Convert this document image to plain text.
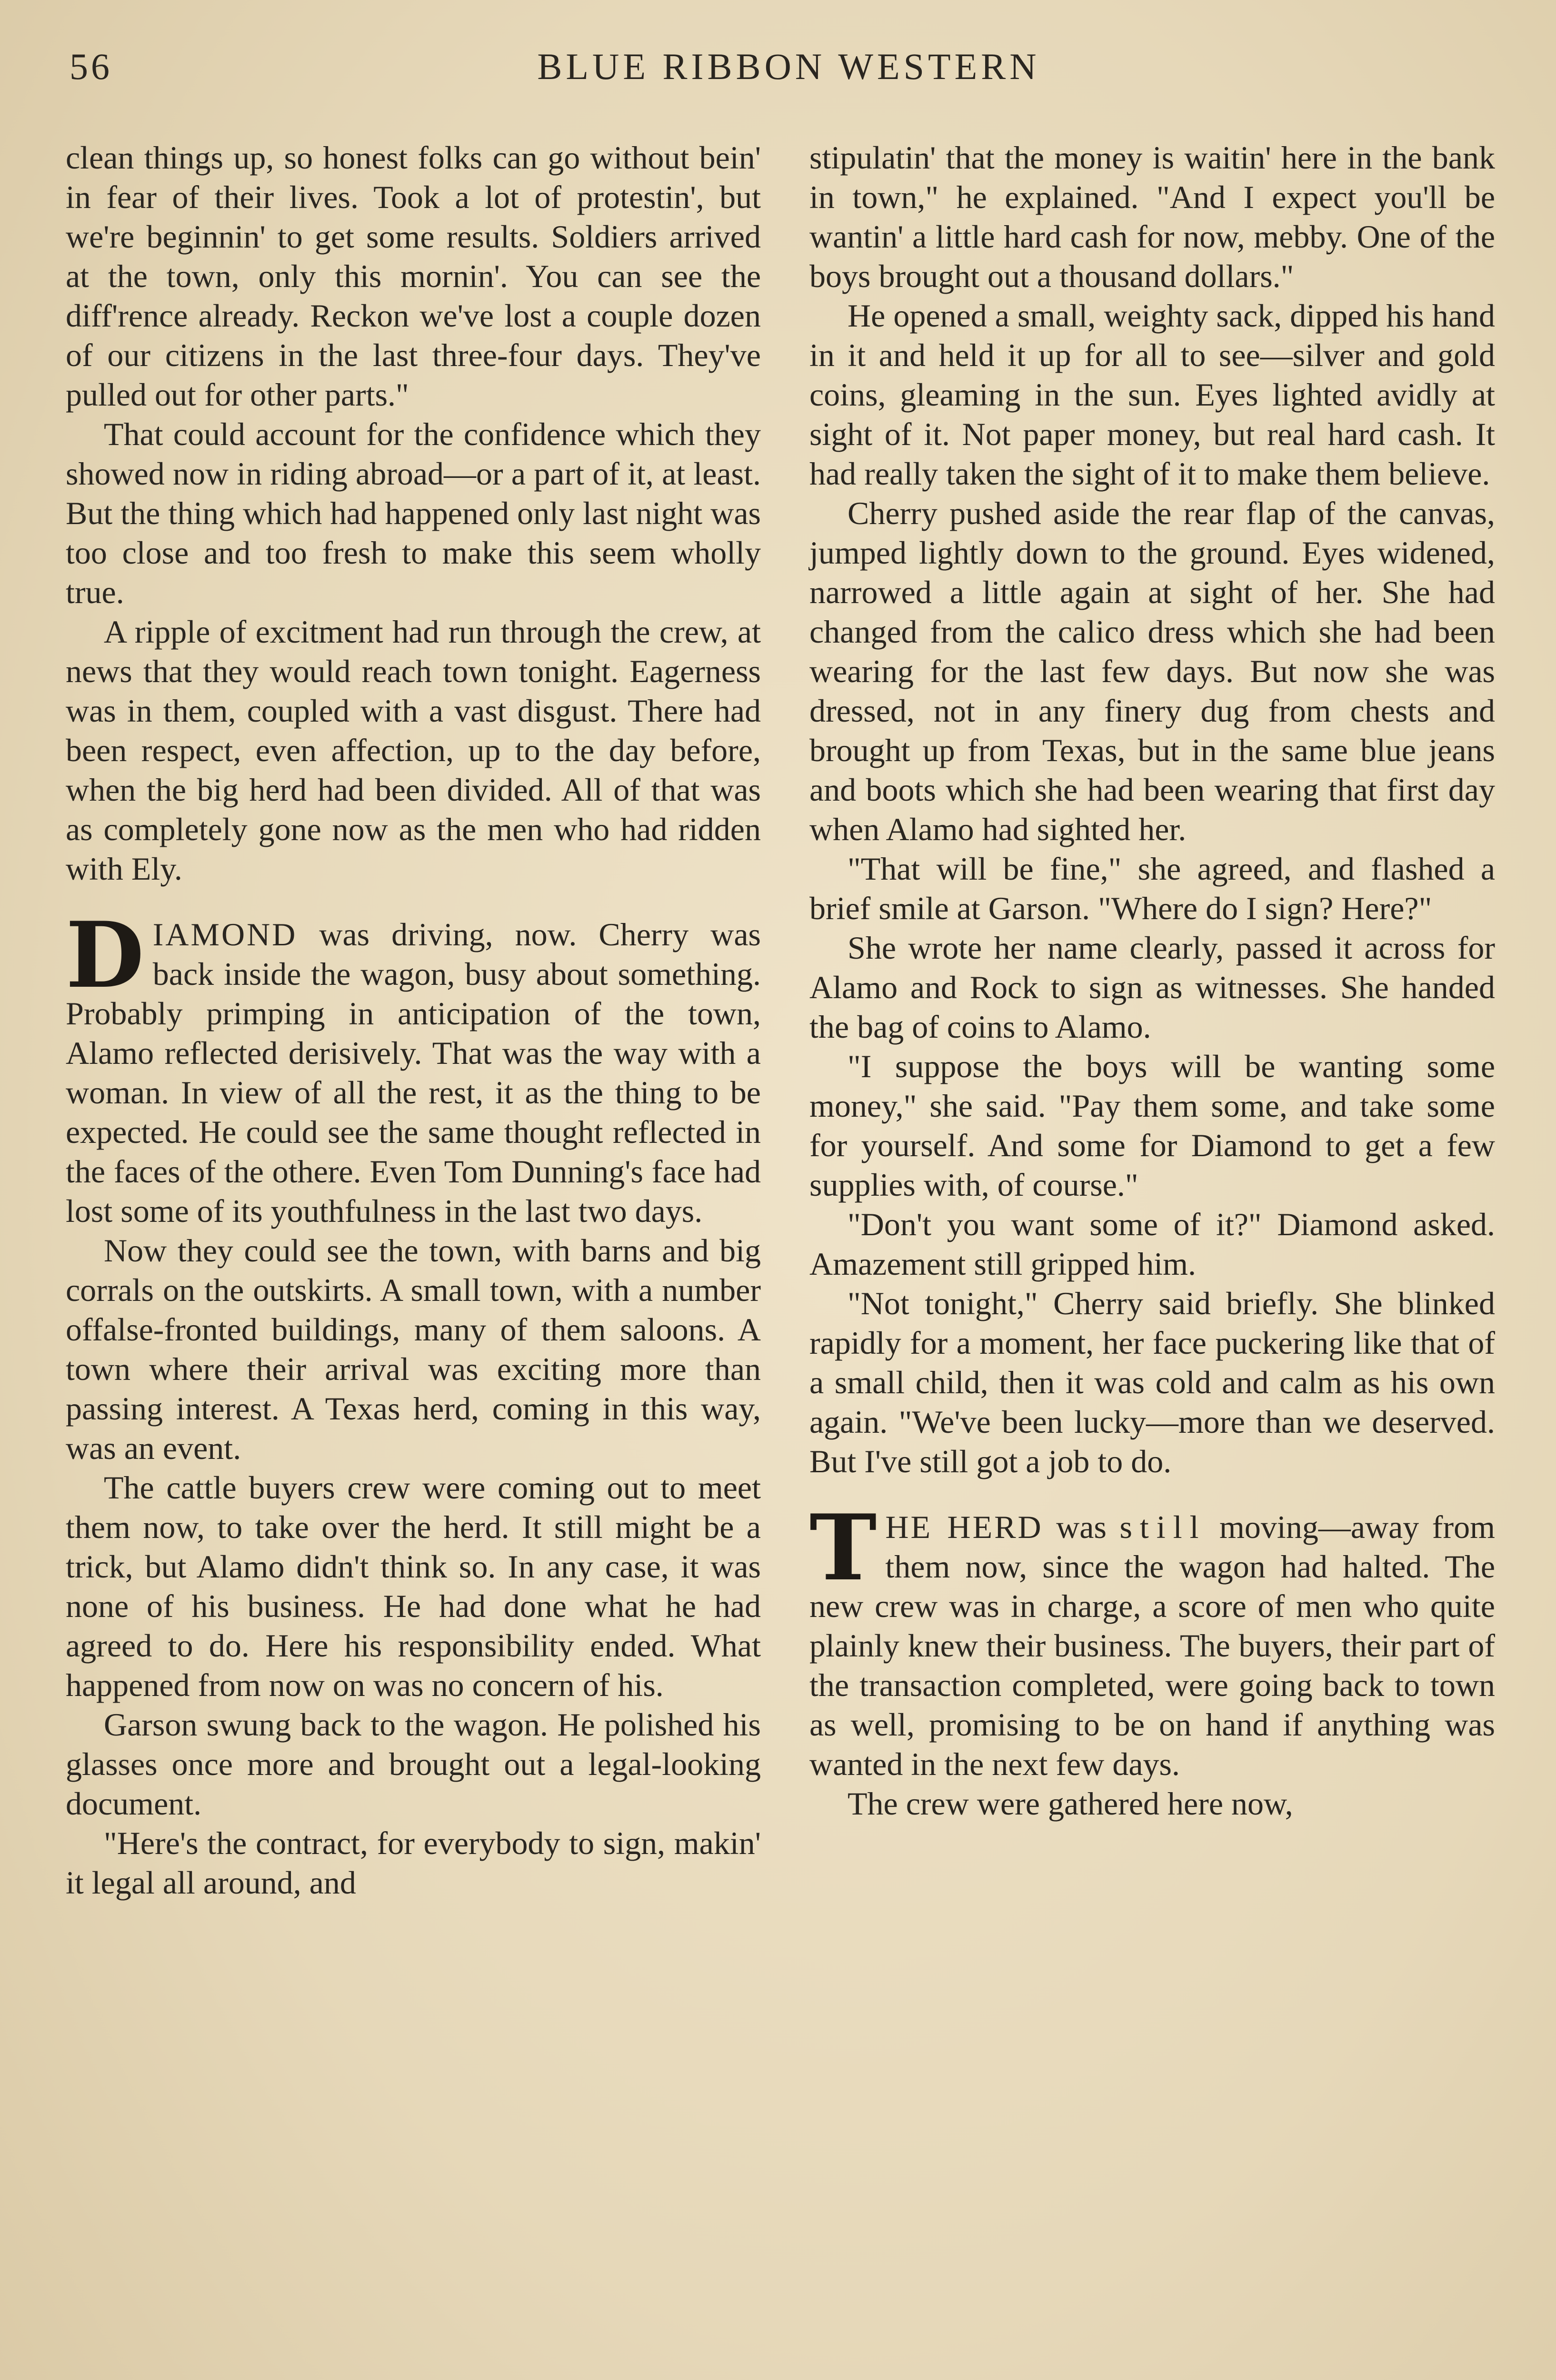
56	BLUE RIBBON WESTERN

clean things up, so honest folks can go without bein' in fear of their lives. Took a lot of protestin', but we're beginnin' to get some results. Soldiers arrived at the town, only this mornin'. You can see the diff'rence already. Reckon we've lost a couple dozen of our citizens in the last three-four days. They've pulled out for other parts."

That could account for the confidence which they showed now in riding abroad—or a part of it, at least. But the thing which had happened only last night was too close and too fresh to make this seem wholly true.

A ripple of excitment had run through the crew, at news that they would reach town tonight. Eagerness was in them, coupled with a vast disgust. There had been respect, even affection, up to the day before, when the big herd had been divided. All of that was as completely gone now as the men who had ridden with Ely.

DIAMOND was driving, now. Cherry was back inside the wagon, busy about something. Probably primping in anticipation of the town, Alamo reflected derisively. That was the way with a woman. In view of all the rest, it as the thing to be expected. He could see the same thought reflected in the faces of the othere. Even Tom Dunning's face had lost some of its youthfulness in the last two days.

Now they could see the town, with barns and big corrals on the outskirts. A small town, with a number offalse-fronted buildings, many of them saloons. A town where their arrival was exciting more than passing interest. A Texas herd, coming in this way, was an event.

The cattle buyers crew were coming out to meet them now, to take over the herd. It still might be a trick, but Alamo didn't think so. In any case, it was none of his business. He had done what he had agreed to do. Here his responsibility ended. What happened from now on was no concern of his.

Garson swung back to the wagon. He polished his glasses once more and brought out a legal-looking document.

"Here's the contract, for everybody to sign, makin' it legal all around, and

stipulatin' that the money is waitin' here in the bank in town," he explained. "And I expect you'll be wantin' a little hard cash for now, mebby. One of the boys brought out a thousand dollars."

He opened a small, weighty sack, dipped his hand in it and held it up for all to see—silver and gold coins, gleaming in the sun. Eyes lighted avidly at sight of it. Not paper money, but real hard cash. It had really taken the sight of it to make them believe.

Cherry pushed aside the rear flap of the canvas, jumped lightly down to the ground. Eyes widened, narrowed a little again at sight of her. She had changed from the calico dress which she had been wearing for the last few days. But now she was dressed, not in any finery dug from chests and brought up from Texas, but in the same blue jeans and boots which she had been wearing that first day when Alamo had sighted her.

"That will be fine," she agreed, and flashed a brief smile at Garson. "Where do I sign? Here?"

She wrote her name clearly, passed it across for Alamo and Rock to sign as witnesses. She handed the bag of coins to Alamo.

"I suppose the boys will be wanting some money," she said. "Pay them some, and take some for yourself. And some for Diamond to get a few supplies with, of course."

"Don't you want some of it?" Diamond asked. Amazement still gripped him.

"Not tonight," Cherry said briefly. She blinked rapidly for a moment, her face puckering like that of a small child, then it was cold and calm as his own again. "We've been lucky—more than we deserved. But I've still got a job to do.

THE HERD was still moving—away from them now, since the wagon had halted. The new crew was in charge, a score of men who quite plainly knew their business. The buyers, their part of the transaction completed, were going back to town as well, promising to be on hand if anything was wanted in the next few days.

The crew were gathered here now,
